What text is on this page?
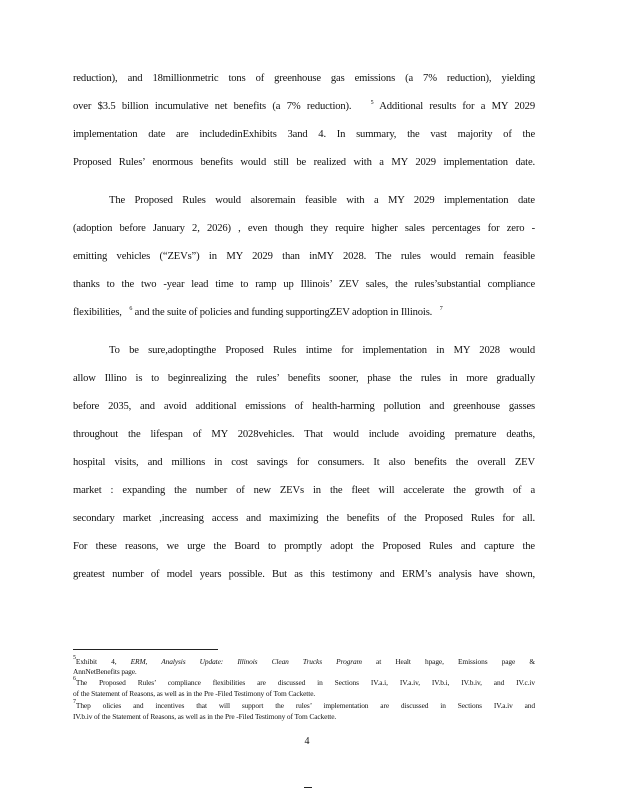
reduction), and 18millionmetric tons of greenhouse gas emissions (a 7% reduction), yielding
over $3.5 billion incumulative net benefits (a 7% reduction).	$^5$ Additional results for a MY 2029
implementation date are includedinExhibits 3and 4. In summary, the vast majority of the
Proposed Rules’ enormous benefits would still be realized with a MY 2029 implementation date.
The Proposed Rules would alsoremain feasible with a MY 2029 implementation date
(adoption before January 2, 2026) , even though they require higher sales percentages for zero -
emitting vehicles (“ZEVs”) in MY 2029 than inMY 2028. The rules would remain feasible
thanks to the two -year lead time to ramp up Illinois’ ZEV sales, the rules’substantial compliance
flexibilities, $^6$ and the suite of policies and funding supportingZEV adoption in Illinois. $^7$
To be sure,adoptingthe Proposed Rules intime for implementation in MY 2028 would
allow Illino is to beginrealizing the rules’ benefits sooner, phase the rules in more gradually
before 2035, and avoid additional emissions of health-harming pollution and greenhouse gasses
throughout the lifespan of MY 2028vehicles. That would include avoiding premature deaths,
hospital visits, and millions in cost savings for consumers. It also benefits the overall ZEV
market : expanding the number of new ZEVs in the fleet will accelerate the growth of a
secondary market ,increasing access and maximizing the benefits of the Proposed Rules for all.
For these reasons, we urge the Board to promptly adopt the Proposed Rules and capture the
greatest number of model years possible. But as this testimony and ERM’s analysis have shown,
$^5$Exhibit 4, ERM, Analysis Update: Illinois Clean Trucks Program at Healt hpage, Emissions page &
AnnNetBenefits page.
$^6$The Proposed Rules’ compliance flexibilities are discussed in Sections IV.a.i, IV.a.iv, IV.b.i, IV.b.iv, and IV.c.iv
of the Statement of Reasons, as well as in the Pre -Filed Testimony of Tom Cackette.
$^7$Thep olicies and incentives that will support the rules’ implementation are discussed in Sections IV.a.iv and
IV.b.iv of the Statement of Reasons, as well as in the Pre -Filed Testimony of Tom Cackette.
4
